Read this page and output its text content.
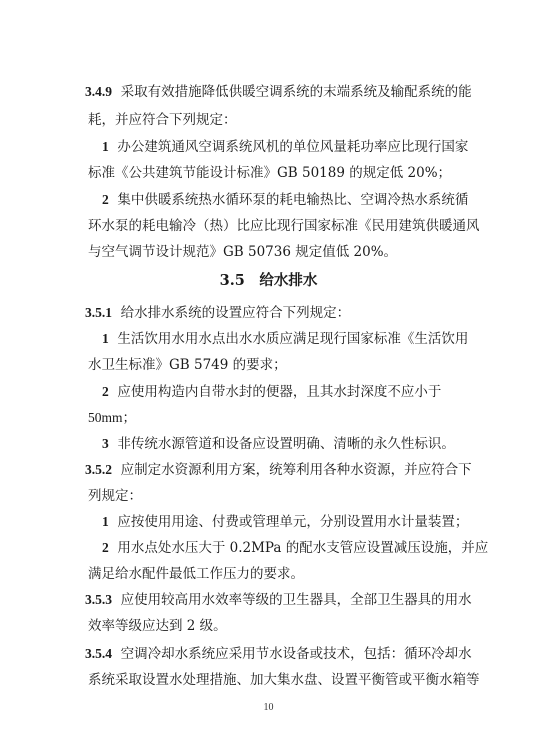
3.4.9 采取有效措施降低供暖空调系统的末端系统及输配系统的能
耗，并应符合下列规定：
1 办公建筑通风空调系统风机的单位风量耗功率应比现行国家
标准《公共建筑节能设计标准》GB 50189 的规定低 20%；
2 集中供暖系统热水循环泵的耗电输热比、空调冷热水系统循
环水泵的耗电输冷（热）比应比现行国家标准《民用建筑供暖通风
与空气调节设计规范》GB 50736 规定值低 20%。
3.5　给水排水
3.5.1 给水排水系统的设置应符合下列规定：
1 生活饮用水用水点出水水质应满足现行国家标准《生活饮用
水卫生标准》GB 5749 的要求；
2 应使用构造内自带水封的便器，且其水封深度不应小于
50mm；
3 非传统水源管道和设备应设置明确、清晰的永久性标识。
3.5.2 应制定水资源利用方案，统筹利用各种水资源，并应符合下
列规定：
1 应按使用用途、付费或管理单元，分别设置用水计量装置；
2 用水点处水压大于 0.2MPa 的配水支管应设置减压设施，并应
满足给水配件最低工作压力的要求。
3.5.3 应使用较高用水效率等级的卫生器具，全部卫生器具的用水
效率等级应达到 2 级。
10
3.5.4 空调冷却水系统应采用节水设备或技术，包括：循环冷却水
系统采取设置水处理措施、加大集水盘、设置平衡管或平衡水箱等
